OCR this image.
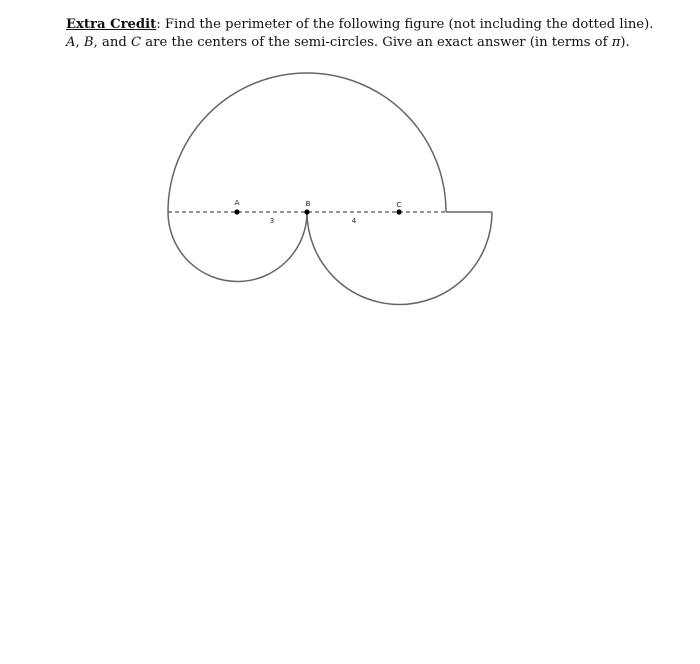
Extra Credit: Find the perimeter of the following figure (not including the dotted line).

A, B, and C are the centers of the semi-circles. Give an exact answer (in terms of π).

A	B	C
3	4
